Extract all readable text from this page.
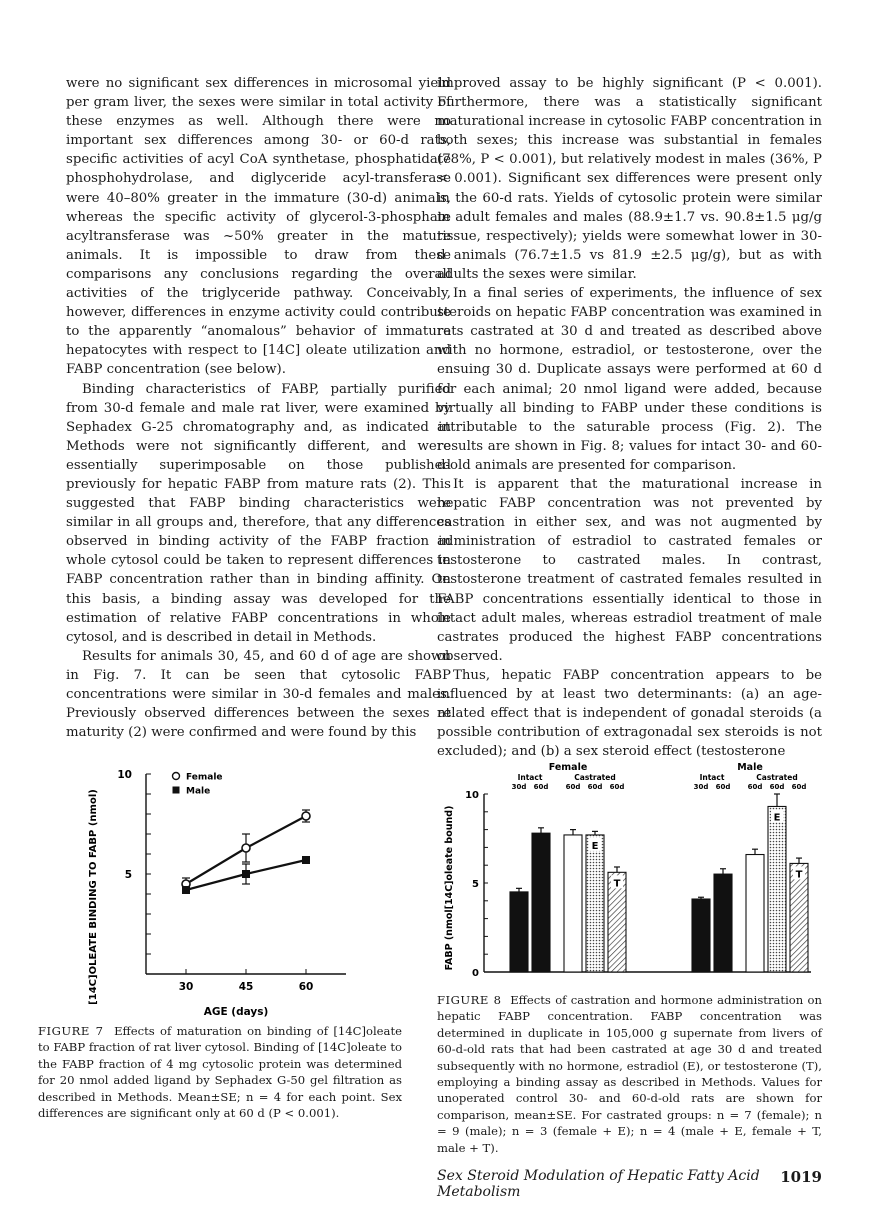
were no significant sex differences in microsomal yield per gram liver, the sexes were similar in total activity of these enzymes as well. Although there were no important sex differences among 30- or 60-d rats, specific activities of acyl CoA synthetase, phosphatidate phosphohydrolase, and diglyceride acyl-transferase were 40–80% greater in the immature (30-d) animals, whereas the specific activity of glycerol-3-phosphate acyltransferase was ~50% greater in the mature animals. It is impossible to draw from these comparisons any conclusions regarding the overall activities of the triglyceride pathway. Conceivably, however, differences in enzyme activity could contribute to the apparently “anomalous” behavior of immature hepatocytes with respect to [14C] oleate utilization and FABP concentration (see below).

Binding characteristics of FABP, partially purified from 30-d female and male rat liver, were examined by Sephadex G-25 chromatography and, as indicated in Methods were not significantly different, and were essentially superimposable on those published previously for hepatic FABP from mature rats (2). This suggested that FABP binding characteristics were similar in all groups and, therefore, that any differences observed in binding activity of the FABP fraction in whole cytosol could be taken to represent differences in FABP concentration rather than in binding affinity. On this basis, a binding assay was developed for the estimation of relative FABP concentrations in whole cytosol, and is described in detail in Methods.

Results for animals 30, 45, and 60 d of age are shown in Fig. 7. It can be seen that cytosolic FABP concentrations were similar in 30-d females and males. Previously observed differences between the sexes at maturity (2) were confirmed and were found by this

improved assay to be highly significant (P < 0.001). Furthermore, there was a statistically significant maturational increase in cytosolic FABP concentration in both sexes; this increase was substantial in females (78%, P < 0.001), but relatively modest in males (36%, P < 0.001). Significant sex differences were present only in the 60-d rats. Yields of cytosolic protein were similar in adult females and males (88.9±1.7 vs. 90.8±1.5 μg/g tissue, respectively); yields were somewhat lower in 30-d animals (76.7±1.5 vs 81.9 ±2.5 μg/g), but as with adults the sexes were similar.

In a final series of experiments, the influence of sex steroids on hepatic FABP concentration was examined in rats castrated at 30 d and treated as described above with no hormone, estradiol, or testosterone, over the ensuing 30 d. Duplicate assays were performed at 60 d for each animal; 20 nmol ligand were added, because virtually all binding to FABP under these conditions is attributable to the saturable process (Fig. 2). The results are shown in Fig. 8; values for intact 30- and 60-d-old animals are presented for comparison.

It is apparent that the maturational increase in hepatic FABP concentration was not prevented by castration in either sex, and was not augmented by administration of estradiol to castrated females or testosterone to castrated males. In contrast, testosterone treatment of castrated females resulted in FABP concentrations essentially identical to those in intact adult males, whereas estradiol treatment of male castrates produced the highest FABP concentrations observed.

Thus, hepatic FABP concentration appears to be influenced by at least two determinants: (a) an age-related effect that is independent of gonadal steroids (a possible contribution of extragonadal sex steroids is not excluded); and (b) a sex steroid effect (testosterone

5
10
30	45	60
Female
Male
[14C]OLEATE BINDING TO FABP (nmol)
AGE (days)
FIGURE 7 Effects of maturation on binding of [14C]oleate to FABP fraction of rat liver cytosol. Binding of [14C]oleate to the FABP fraction of 4 mg cytosolic protein was determined for 20 nmol added ligand by Sephadex G-50 gel filtration as described in Methods. Mean±SE; n = 4 for each point. Sex differences are significant only at 60 d (P < 0.001).
0
5
10
E
T
E
T
30d 60d
Intact
60d 60d 60d
Castrated
Female
30d 60d
Intact
60d 60d 60d
Castrated
Male
FABP (nmol[14C]oleate bound)
FIGURE 8 Effects of castration and hormone administration on hepatic FABP concentration. FABP concentration was determined in duplicate in 105,000 g supernate from livers of 60-d-old rats that had been castrated at age 30 d and treated subsequently with no hormone, estradiol (E), or testosterone (T), employing a binding assay as described in Methods. Values for unoperated control 30- and 60-d-old rats are shown for comparison, mean±SE. For castrated groups: n = 7 (female); n = 9 (male); n = 3 (female + E); n = 4 (male + E, female + T, male + T).
Sex Steroid Modulation of Hepatic Fatty Acid Metabolism
1019
